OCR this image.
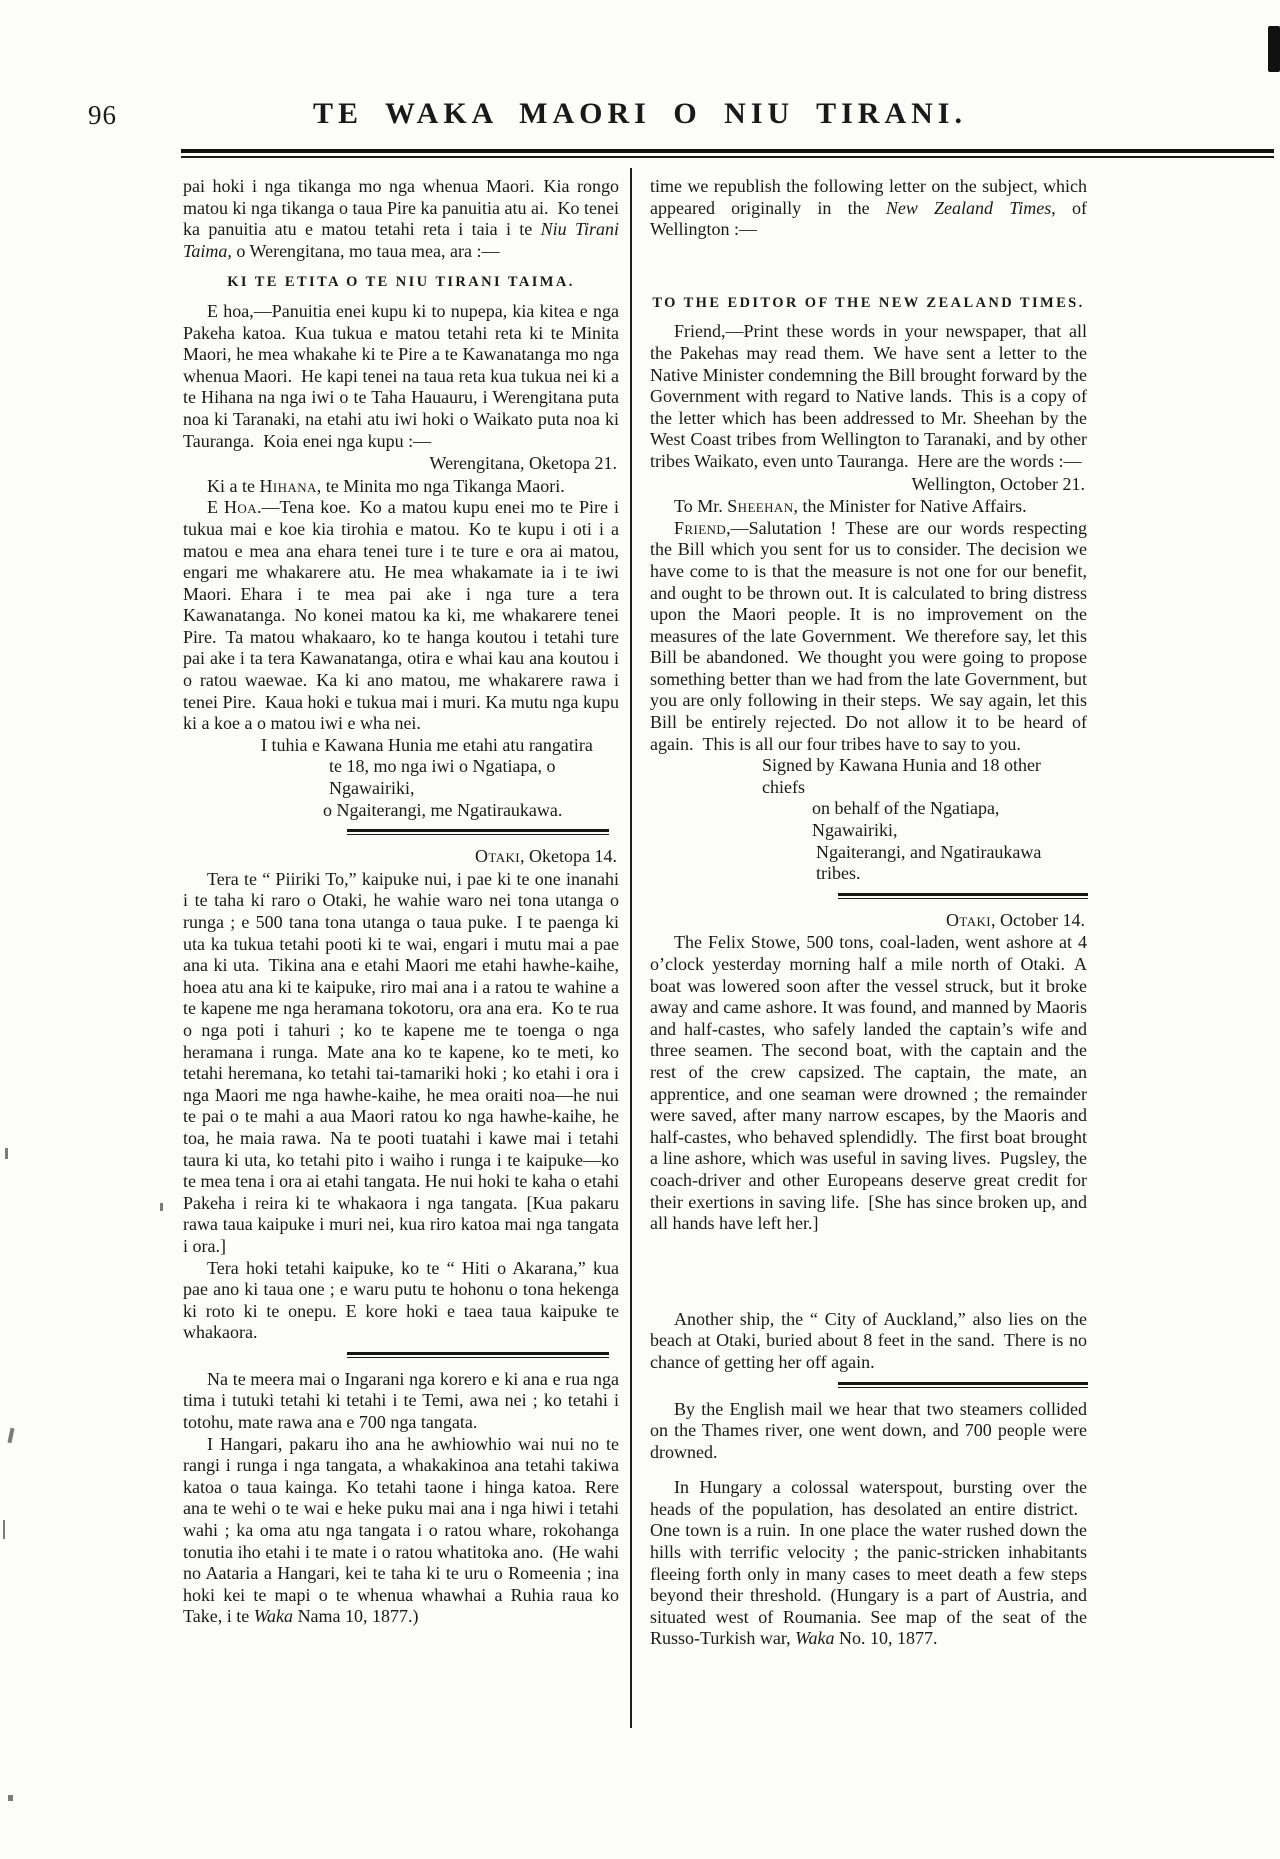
96	TE WAKA MAORI O NIU TIRANI.

pai hoki i nga tikanga mo nga whenua Maori. Kia rongo matou ki nga tikanga o taua Pire ka panuitia atu ai. Ko tenei ka panuitia atu e matou tetahi reta i taia i te Niu Tirani Taima, o Werengitana, mo taua mea, ara :—

KI TE ETITA O TE NIU TIRANI TAIMA.

E hoa,—Panuitia enei kupu ki to nupepa, kia kitea e nga Pakeha katoa. Kua tukua e matou tetahi reta ki te Minita Maori, he mea whakahe ki te Pire a te Kawanatanga mo nga whenua Maori. He kapi tenei na taua reta kua tukua nei ki a te Hihana na nga iwi o te Taha Hauauru, i Werengitana puta noa ki Taranaki, na etahi atu iwi hoki o Waikato puta noa ki Tauranga. Koia enei nga kupu :—

Werengitana, Oketopa 21.

Ki a te Hihana, te Minita mo nga Tikanga Maori.

E Hoa.—Tena koe. Ko a matou kupu enei mo te Pire i tukua mai e koe kia tirohia e matou. Ko te kupu i oti i a matou e mea ana ehara tenei ture i te ture e ora ai matou, engari me whakarere atu. He mea whakamate ia i te iwi Maori. Ehara i te mea pai ake i nga ture a tera Kawanatanga. No konei matou ka ki, me whakarere tenei Pire. Ta matou whakaaro, ko te hanga koutou i tetahi ture pai ake i ta tera Kawanatanga, otira e whai kau ana koutou i o ratou waewae. Ka ki ano matou, me whakarere rawa i tenei Pire. Kaua hoki e tukua mai i muri. Ka mutu nga kupu ki a koe a o matou iwi e wha nei.

I tuhia e Kawana Hunia me etahi atu rangatira

te 18, mo nga iwi o Ngatiapa, o Ngawairiki,

o Ngaiterangi, me Ngatiraukawa.

Otaki, Oketopa 14.

Tera te “ Piiriki To,” kaipuke nui, i pae ki te one inanahi i te taha ki raro o Otaki, he wahie waro nei tona utanga o runga ; e 500 tana tona utanga o taua puke. I te paenga ki uta ka tukua tetahi pooti ki te wai, engari i mutu mai a pae ana ki uta. Tikina ana e etahi Maori me etahi hawhe-kaihe, hoea atu ana ki te kaipuke, riro mai ana i a ratou te wahine a te kapene me nga heramana tokotoru, ora ana era. Ko te rua o nga poti i tahuri ; ko te kapene me te toenga o nga heramana i runga. Mate ana ko te kapene, ko te meti, ko tetahi heremana, ko tetahi tai-tamariki hoki ; ko etahi i ora i nga Maori me nga hawhe-kaihe, he mea oraiti noa—he nui te pai o te mahi a aua Maori ratou ko nga hawhe-kaihe, he toa, he maia rawa. Na te pooti tuatahi i kawe mai i tetahi taura ki uta, ko tetahi pito i waiho i runga i te kaipuke—ko te mea tena i ora ai etahi tangata. He nui hoki te kaha o etahi Pakeha i reira ki te whakaora i nga tangata. [Kua pakaru rawa taua kaipuke i muri nei, kua riro katoa mai nga tangata i ora.]

Tera hoki tetahi kaipuke, ko te “ Hiti o Akarana,” kua pae ano ki taua one ; e waru putu te hohonu o tona hekenga ki roto ki te onepu. E kore hoki e taea taua kaipuke te whakaora.

Na te meera mai o Ingarani nga korero e ki ana e rua nga tima i tutuki tetahi ki tetahi i te Temi, awa nei ; ko tetahi i totohu, mate rawa ana e 700 nga tangata.

I Hangari, pakaru iho ana he awhiowhio wai nui no te rangi i runga i nga tangata, a whakakinoa ana tetahi takiwa katoa o taua kainga. Ko tetahi taone i hinga katoa. Rere ana te wehi o te wai e heke puku mai ana i nga hiwi i tetahi wahi ; ka oma atu nga tangata i o ratou whare, rokohanga tonutia iho etahi i te mate i o ratou whatitoka ano. (He wahi no Aataria a Hangari, kei te taha ki te uru o Romeenia ; ina hoki kei te mapi o te whenua whawhai a Ruhia raua ko Take, i te Waka Nama 10, 1877.)

time we republish the following letter on the subject, which appeared originally in the New Zealand Times, of Wellington :—

TO THE EDITOR OF THE NEW ZEALAND TIMES.

Friend,—Print these words in your newspaper, that all the Pakehas may read them. We have sent a letter to the Native Minister condemning the Bill brought forward by the Government with regard to Native lands. This is a copy of the letter which has been addressed to Mr. Sheehan by the West Coast tribes from Wellington to Taranaki, and by other tribes Waikato, even unto Tauranga. Here are the words :—

Wellington, October 21.

To Mr. Sheehan, the Minister for Native Affairs.

Friend,—Salutation ! These are our words respecting the Bill which you sent for us to consider. The decision we have come to is that the measure is not one for our benefit, and ought to be thrown out. It is calculated to bring distress upon the Maori people. It is no improvement on the measures of the late Government. We therefore say, let this Bill be abandoned. We thought you were going to propose something better than we had from the late Government, but you are only following in their steps. We say again, let this Bill be entirely rejected. Do not allow it to be heard of again. This is all our four tribes have to say to you.

Signed by Kawana Hunia and 18 other chiefs

on behalf of the Ngatiapa, Ngawairiki,

Ngaiterangi, and Ngatiraukawa tribes.

Otaki, October 14.

The Felix Stowe, 500 tons, coal-laden, went ashore at 4 o’clock yesterday morning half a mile north of Otaki. A boat was lowered soon after the vessel struck, but it broke away and came ashore. It was found, and manned by Maoris and half-castes, who safely landed the captain’s wife and three seamen. The second boat, with the captain and the rest of the crew capsized. The captain, the mate, an apprentice, and one seaman were drowned ; the remainder were saved, after many narrow escapes, by the Maoris and half-castes, who behaved splendidly. The first boat brought a line ashore, which was useful in saving lives. Pugsley, the coach-driver and other Europeans deserve great credit for their exertions in saving life. [She has since broken up, and all hands have left her.]

Another ship, the “ City of Auckland,” also lies on the beach at Otaki, buried about 8 feet in the sand. There is no chance of getting her off again.

By the English mail we hear that two steamers collided on the Thames river, one went down, and 700 people were drowned.

In Hungary a colossal waterspout, bursting over the heads of the population, has desolated an entire district. One town is a ruin. In one place the water rushed down the hills with terrific velocity ; the panic-stricken inhabitants fleeing forth only in many cases to meet death a few steps beyond their threshold. (Hungary is a part of Austria, and situated west of Roumania. See map of the seat of the Russo-Turkish war, Waka No. 10, 1877.
